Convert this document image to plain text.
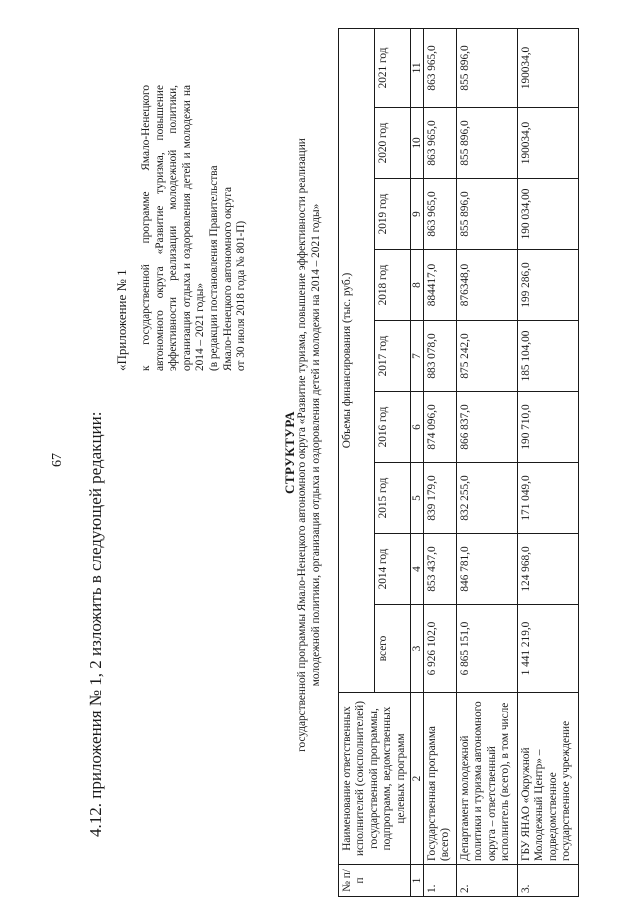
67 4.12. приложения № 1, 2 изложить в следующей редакции:
«Приложение № 1 к государственной программе Ямало-Ненецкого автономного округа «Развитие туризма, повышение эффективности реализации молодежной политики, организация отдыха и оздоровления детей и молодежи на 2014 – 2021 годы» (в редакции постановления Правительства Ямало-Ненецкого автономного округа от 30 июля 2018 года № 801-П)

СТРУКТУРА государственной программы Ямало-Ненецкого автономного округа «Развитие туризма, повышение эффективности реализации молодежной политики, организация отдыха и оздоровления детей и молодежи на 2014 – 2021 годы»
№ п/п	Наименование ответственных исполнителей (соисполнителей) государственной программы, подпрограмм, ведомственных целевых программ	Объемы финансирования (тыс. руб.)								
		всего	2014 год	2015 год	2016 год	2017 год	2018 год	2019 год	2020 год	2021 год
1	2	3	4	5	6	7	8	9	10	11
1.	Государственная программа (всего)	6 926 102,0	853 437,0	839 179,0	874 096,0	883 078,0	884417,0	863 965,0	863 965,0	863 965,0
2.	Департамент молодежной политики и туризма автономного округа – ответственный исполнитель (всего), в том числе	6 865 151,0	846 781,0	832 255,0	866 837,0	875 242,0	876348,0	855 896,0	855 896,0	855 896,0
3.	ГБУ ЯНАО «Окружной Молодежный Центр» – подведомственное государственное учреждение	1 441 219,0	124 968,0	171 049,0	190 710,0	185 104,00	199 286,0	190 034,00	190034,0	190034,0
